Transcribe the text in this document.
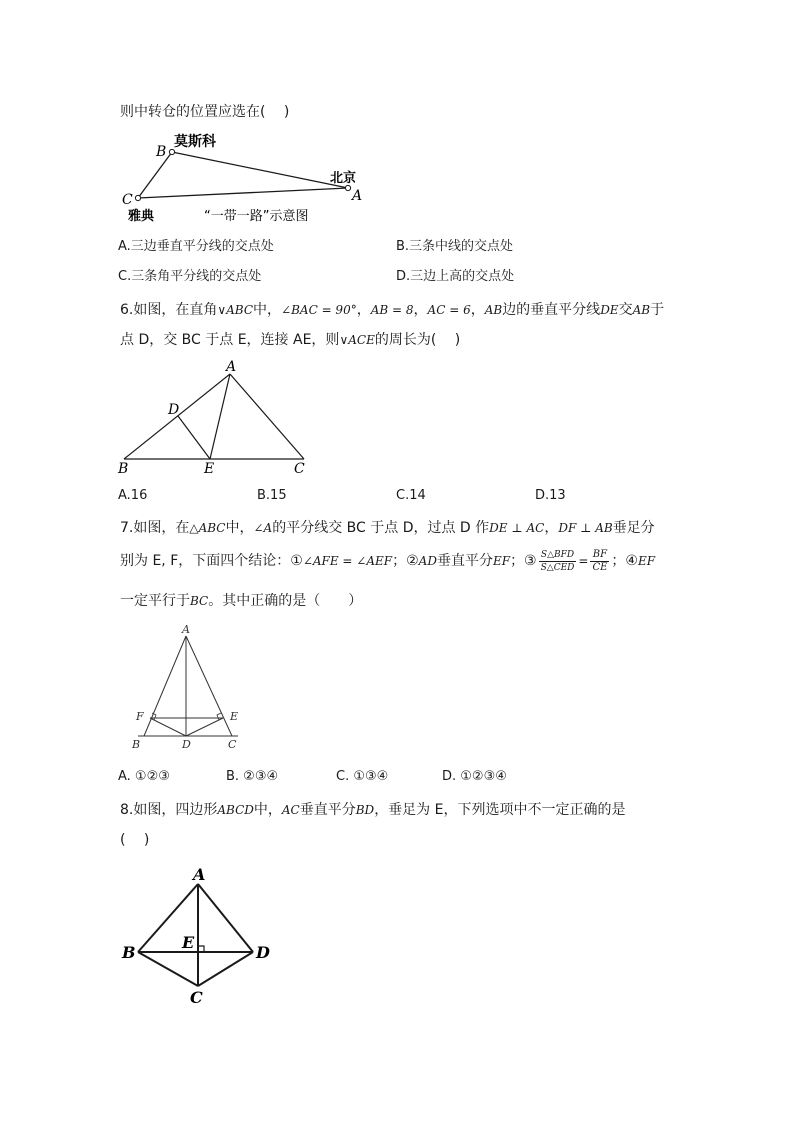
则中转仓的位置应选在(　 )
B
莫斯科
C
雅典
A
北京
“一带一路”示意图
A.三边垂直平分线的交点处	B.三条中线的交点处
C.三条角平分线的交点处	D.三边上高的交点处
6.如图，在直角∨ABC中，∠BAC = 90°，AB = 8，AC = 6，AB边的垂直平分线DE交AB于
点 D，交 BC 于点 E，连接 AE，则∨ACE的周长为(　 )
A
D
B	E	C
A.16	B.15	C.14	D.13
7.如图，在△ABC中，∠A的平分线交 BC 于点 D，过点 D 作DE ⊥ AC，DF ⊥ AB垂足分
别为 E, F，下面四个结论：①∠AFE = ∠AEF；②AD垂直平分EF；③ $\frac{\text{S△BFD}}{\text{S△CED}} = \frac{BF}{CE}$ ；④EF
一定平行于BC。其中正确的是（　　）
A
F	E
B	D	C
A. ①②③	B. ②③④	C. ①③④	D. ①②③④
8.如图，四边形ABCD中，AC垂直平分BD，垂足为 E，下列选项中不一定正确的是
(　 )
A
B
E
D
C
